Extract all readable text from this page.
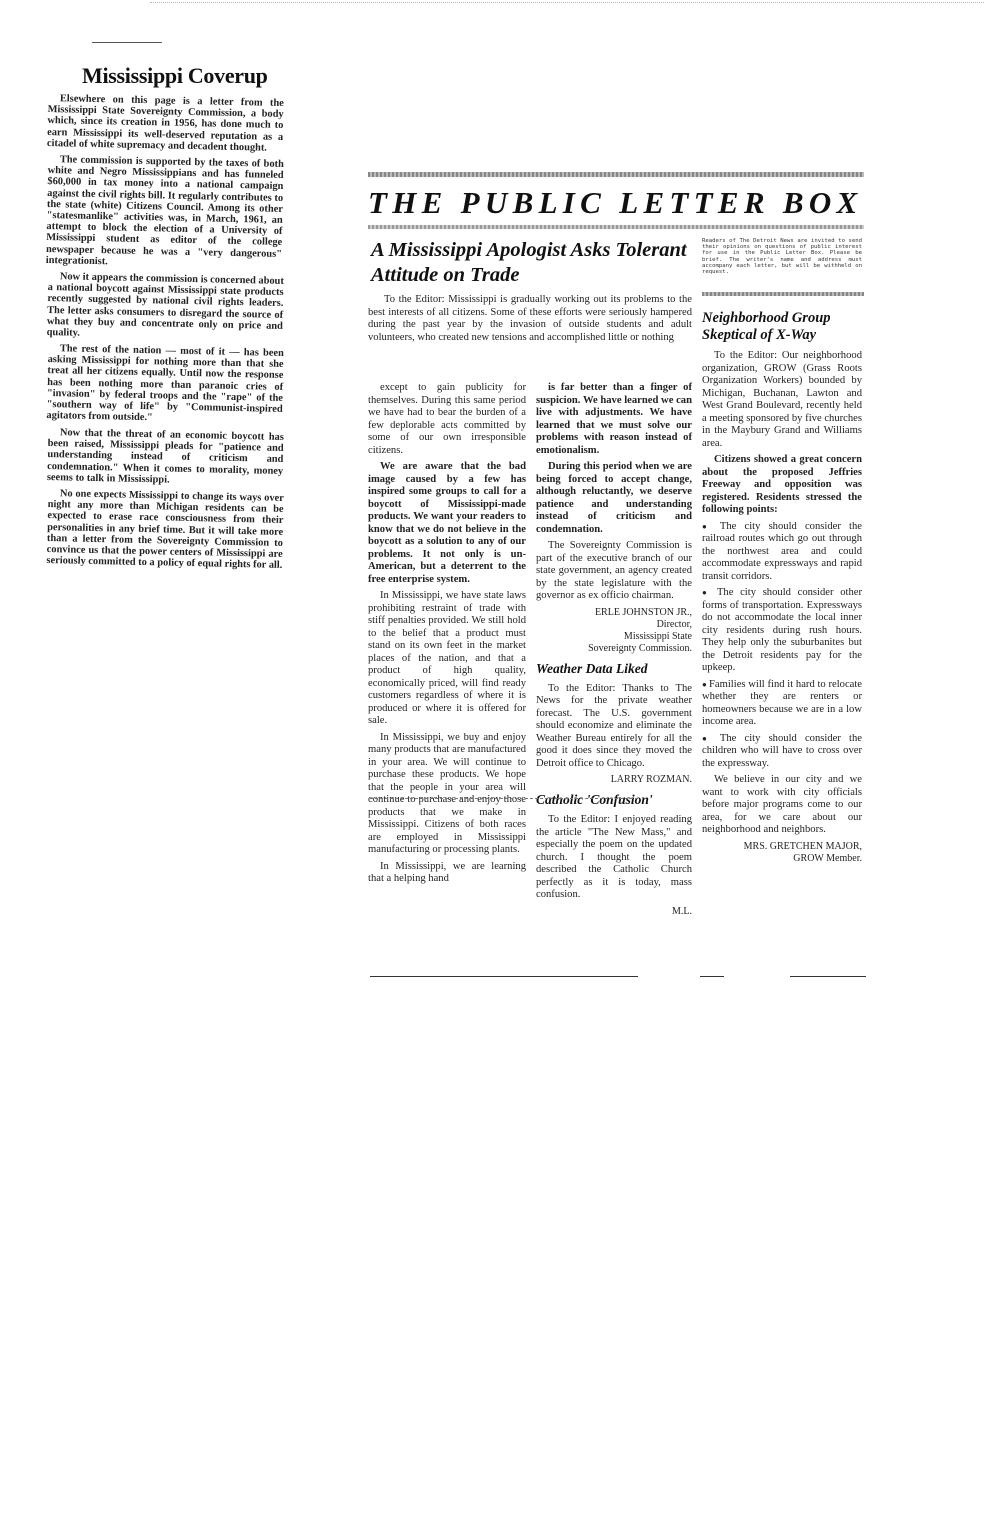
Mississippi Coverup

Elsewhere on this page is a letter from the Mississippi State Sovereignty Commission, a body which, since its creation in 1956, has done much to earn Mississippi its well-deserved reputation as a citadel of white supremacy and decadent thought.

The commission is supported by the taxes of both white and Negro Mississippians and has funneled $60,000 in tax money into a national campaign against the civil rights bill. It regularly contributes to the state (white) Citizens Council. Among its other "statesmanlike" activities was, in March, 1961, an attempt to block the election of a University of Mississippi student as editor of the college newspaper because he was a "very dangerous" integrationist.

Now it appears the commission is concerned about a national boycott against Mississippi state products recently suggested by national civil rights leaders. The letter asks consumers to disregard the source of what they buy and concentrate only on price and quality.

The rest of the nation — most of it — has been asking Mississippi for nothing more than that she treat all her citizens equally. Until now the response has been nothing more than paranoic cries of "invasion" by federal troops and the "rape" of the "southern way of life" by "Communist-inspired agitators from outside."

Now that the threat of an economic boycott has been raised, Mississippi pleads for "patience and understanding instead of criticism and condemnation." When it comes to morality, money seems to talk in Mississippi.

No one expects Mississippi to change its ways over night any more than Michigan residents can be expected to erase race consciousness from their personalities in any brief time. But it will take more than a letter from the Sovereignty Commission to convince us that the power centers of Mississippi are seriously committed to a policy of equal rights for all.

THE PUBLIC LETTER BOX
A Mississippi Apologist Asks Tolerant Attitude on Trade
Readers of The Detroit News are invited to send their opinions on questions of public interest for use in the Public Letter Box. Please be brief. The writer's name and address must accompany each letter, but will be withheld on request.

To the Editor: Mississippi is gradually working out its problems to the best interests of all citizens. Some of these efforts were seriously hampered during the past year by the invasion of outside students and adult volunteers, who created new tensions and accomplished little or nothing

except to gain publicity for themselves. During this same period we have had to bear the burden of a few deplorable acts committed by some of our own irresponsible citizens.

We are aware that the bad image caused by a few has inspired some groups to call for a boycott of Mississippi-made products. We want your readers to know that we do not believe in the boycott as a solution to any of our problems. It not only is un-American, but a deterrent to the free enterprise system.

In Mississippi, we have state laws prohibiting restraint of trade with stiff penalties provided. We still hold to the belief that a product must stand on its own feet in the market places of the nation, and that a product of high quality, economically priced, will find ready customers regardless of where it is produced or where it is offered for sale.

In Mississippi, we buy and enjoy many products that are manufactured in your area. We will continue to purchase these products. We hope that the people in your area will continue to purchase and enjoy those products that we make in Mississippi. Citizens of both races are employed in Mississippi manufacturing or processing plants.

In Mississippi, we are learning that a helping hand

is far better than a finger of suspicion. We have learned we can live with adjustments. We have learned that we must solve our problems with reason instead of emotionalism.

During this period when we are being forced to accept change, although reluctantly, we deserve patience and understanding instead of criticism and condemnation.

The Sovereignty Commission is part of the executive branch of our state government, an agency created by the state legislature with the governor as ex officio chairman.

ERLE JOHNSTON JR.,
Director,
Mississippi State
Sovereignty Commission.
Weather Data Liked

To the Editor: Thanks to The News for the private weather forecast. The U.S. government should economize and eliminate the Weather Bureau entirely for all the good it does since they moved the Detroit office to Chicago.

LARRY ROZMAN.
Catholic 'Confusion'

To the Editor: I enjoyed reading the article "The New Mass," and especially the poem on the updated church. I thought the poem described the Catholic Church perfectly as it is today, mass confusion.

M.L.
Neighborhood Group Skeptical of X-Way

To the Editor: Our neighborhood organization, GROW (Grass Roots Organization Workers) bounded by Michigan, Buchanan, Lawton and West Grand Boulevard, recently held a meeting sponsored by five churches in the Maybury Grand and Williams area.

Citizens showed a great concern about the proposed Jeffries Freeway and opposition was registered. Residents stressed the following points:

● The city should consider the railroad routes which go out through the northwest area and could accommodate expressways and rapid transit corridors.

● The city should consider other forms of transportation. Expressways do not accommodate the local inner city residents during rush hours. They help only the suburbanites but the Detroit residents pay for the upkeep.

● Families will find it hard to relocate whether they are renters or homeowners because we are in a low income area.

● The city should consider the children who will have to cross over the expressway.

We believe in our city and we want to work with city officials before major programs come to our area, for we care about our neighborhood and neighbors.

MRS. GRETCHEN MAJOR,
GROW Member.
